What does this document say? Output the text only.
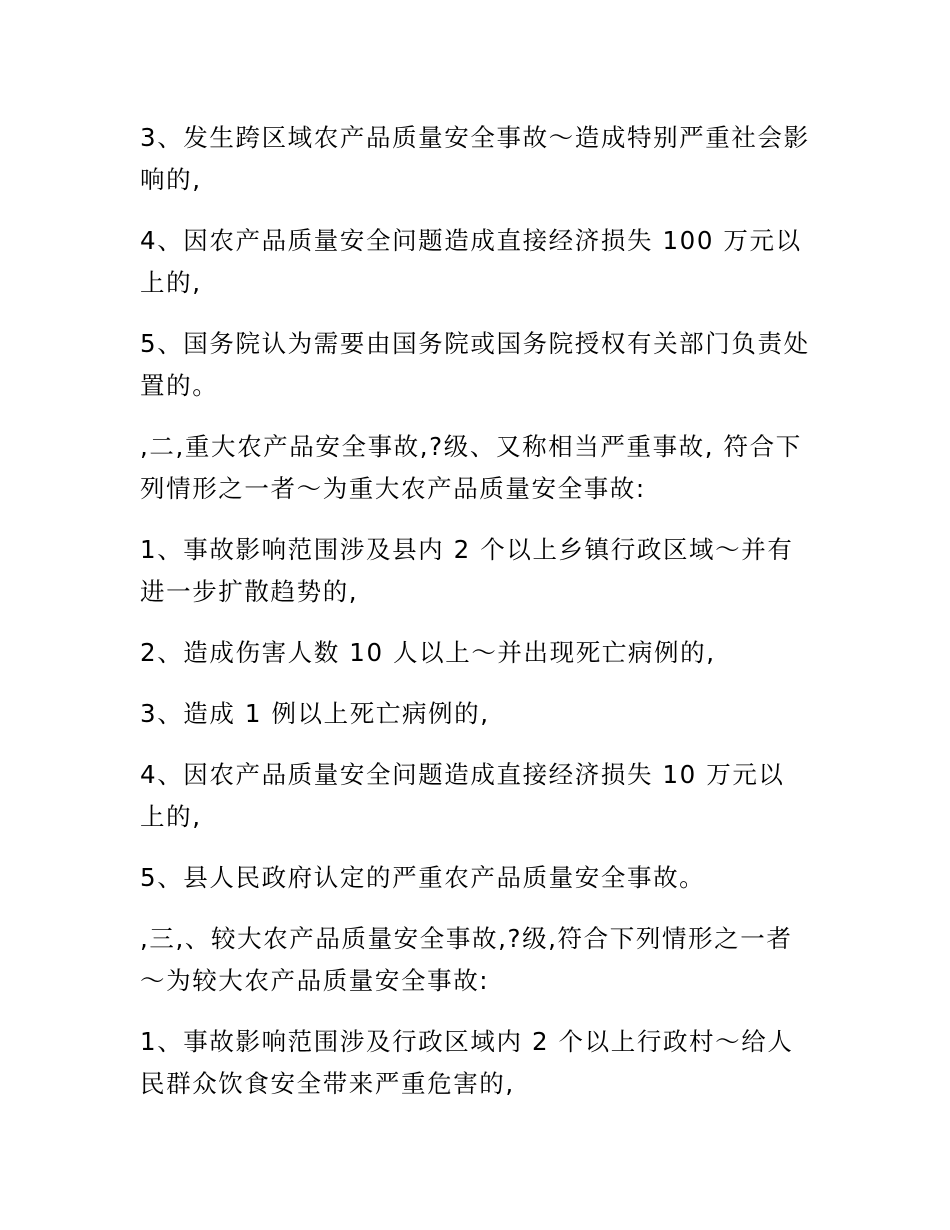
3、发生跨区域农产品质量安全事故～造成特别严重社会影响的,

4、因农产品质量安全问题造成直接经济损失 100 万元以上的,

5、国务院认为需要由国务院或国务院授权有关部门负责处置的。

,二,重大农产品安全事故,?级、又称相当严重事故, 符合下列情形之一者～为重大农产品质量安全事故:

1、事故影响范围涉及县内 2 个以上乡镇行政区域～并有进一步扩散趋势的,

2、造成伤害人数 10 人以上～并出现死亡病例的,

3、造成 1 例以上死亡病例的,

4、因农产品质量安全问题造成直接经济损失 10 万元以上的,

5、县人民政府认定的严重农产品质量安全事故。

,三,、较大农产品质量安全事故,?级,符合下列情形之一者～为较大农产品质量安全事故:

1、事故影响范围涉及行政区域内 2 个以上行政村～给人民群众饮食安全带来严重危害的,
